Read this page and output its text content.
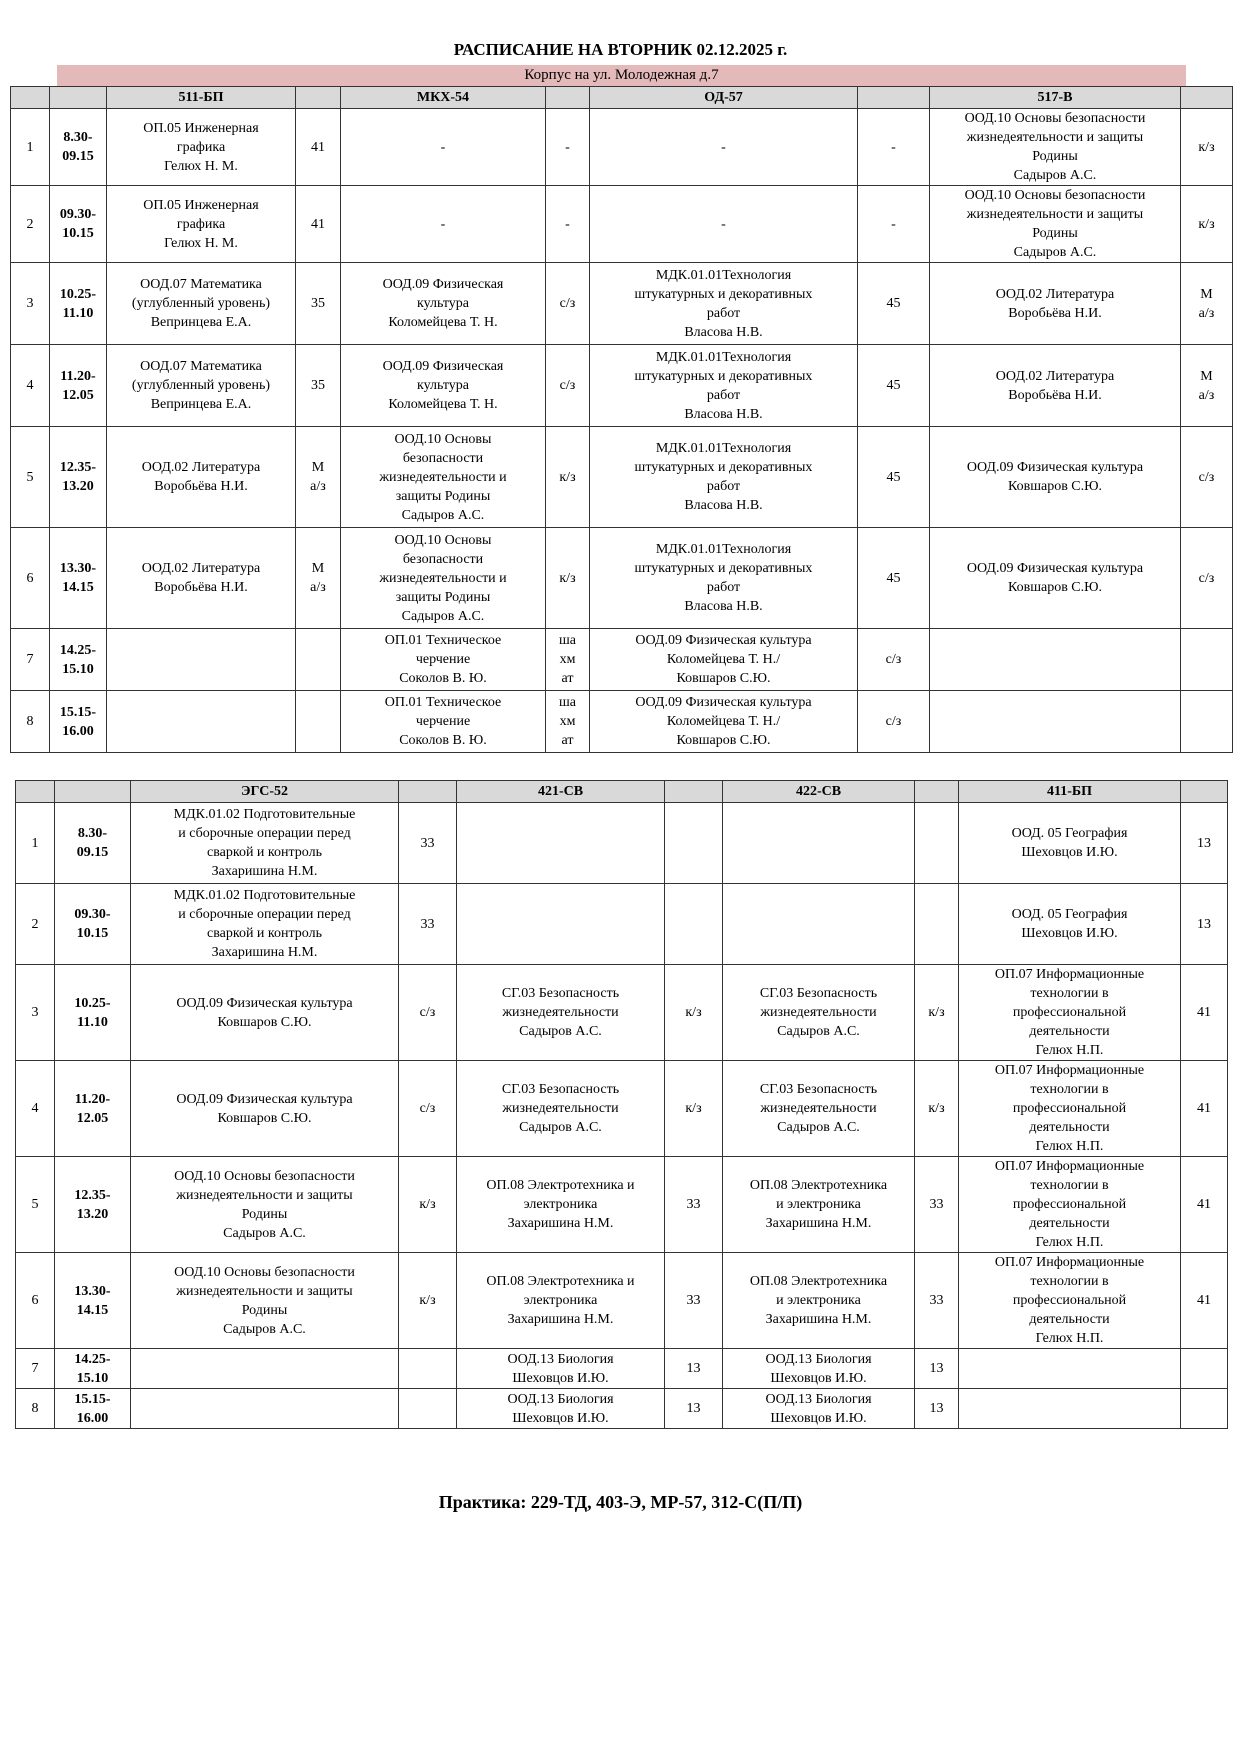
РАСПИСАНИЕ НА ВТОРНИК 02.12.2025 г.
Корпус на ул. Молодежная д.7
		511-БП		МКХ-54		ОД-57		517-В	
1	8.30-
09.15	ОП.05 Инженерная
графика
Гелюх Н. М.	41	-	-	-	-	ООД.10 Основы безопасности
жизнедеятельности и защиты
Родины
Садыров А.С.	к/з

2	09.30-
10.15	ОП.05 Инженерная
графика
Гелюх Н. М.	41	-	-	-	-	ООД.10 Основы безопасности
жизнедеятельности и защиты
Родины
Садыров А.С.	к/з

3	10.25-
11.10	ООД.07 Математика
(углубленный уровень)
Вепринцева Е.А.	35	ООД.09 Физическая
культура
Коломейцева Т. Н.	с/з	МДК.01.01Технология
штукатурных и декоративных
работ
Власова Н.В.	45	ООД.02 Литература
Воробьёва Н.И.	М
а/з

4	11.20-
12.05	ООД.07 Математика
(углубленный уровень)
Вепринцева Е.А.	35	ООД.09 Физическая
культура
Коломейцева Т. Н.	с/з	МДК.01.01Технология
штукатурных и декоративных
работ
Власова Н.В.	45	ООД.02 Литература
Воробьёва Н.И.	М
а/з

5	12.35-
13.20	ООД.02 Литература
Воробьёва Н.И.	М
а/з	ООД.10 Основы
безопасности
жизнедеятельности и
защиты Родины
Садыров А.С.	к/з	МДК.01.01Технология
штукатурных и декоративных
работ
Власова Н.В.	45	ООД.09 Физическая культура
Ковшаров С.Ю.	с/з

6	13.30-
14.15	ООД.02 Литература
Воробьёва Н.И.	М
а/з	ООД.10 Основы
безопасности
жизнедеятельности и
защиты Родины
Садыров А.С.	к/з	МДК.01.01Технология
штукатурных и декоративных
работ
Власова Н.В.	45	ООД.09 Физическая культура
Ковшаров С.Ю.	с/з

7	14.25-
15.10			ОП.01 Техническое
черчение
Соколов В. Ю.	ша
хм
ат	ООД.09 Физическая культура
Коломейцева Т. Н./
Ковшаров С.Ю.	с/з		

8	15.15-
16.00			ОП.01 Техническое
черчение
Соколов В. Ю.	ша
хм
ат	ООД.09 Физическая культура
Коломейцева Т. Н./
Ковшаров С.Ю.	с/з		

		ЭГС-52		421-СВ		422-СВ		411-БП	
1	8.30-
09.15	МДК.01.02 Подготовительные
и сборочные операции перед
сваркой и контроль
Захаришина Н.М.	33					ООД. 05 География
Шеховцов И.Ю.	13

2	09.30-
10.15	МДК.01.02 Подготовительные
и сборочные операции перед
сваркой и контроль
Захаришина Н.М.	33					ООД. 05 География
Шеховцов И.Ю.	13

3	10.25-
11.10	ООД.09 Физическая культура
Ковшаров С.Ю.	с/з	СГ.03 Безопасность
жизнедеятельности
Садыров А.С.	к/з	СГ.03 Безопасность
жизнедеятельности
Садыров А.С.	к/з	ОП.07 Информационные
технологии в
профессиональной
деятельности
Гелюх Н.П.	41

4	11.20-
12.05	ООД.09 Физическая культура
Ковшаров С.Ю.	с/з	СГ.03 Безопасность
жизнедеятельности
Садыров А.С.	к/з	СГ.03 Безопасность
жизнедеятельности
Садыров А.С.	к/з	ОП.07 Информационные
технологии в
профессиональной
деятельности
Гелюх Н.П.	41

5	12.35-
13.20	ООД.10 Основы безопасности
жизнедеятельности и защиты
Родины
Садыров А.С.	к/з	ОП.08 Электротехника и
электроника
Захаришина Н.М.	33	ОП.08 Электротехника
и электроника
Захаришина Н.М.	33	ОП.07 Информационные
технологии в
профессиональной
деятельности
Гелюх Н.П.	41

6	13.30-
14.15	ООД.10 Основы безопасности
жизнедеятельности и защиты
Родины
Садыров А.С.	к/з	ОП.08 Электротехника и
электроника
Захаришина Н.М.	33	ОП.08 Электротехника
и электроника
Захаришина Н.М.	33	ОП.07 Информационные
технологии в
профессиональной
деятельности
Гелюх Н.П.	41

7	14.25-
15.10			ООД.13 Биология
Шеховцов И.Ю.	13	ООД.13 Биология
Шеховцов И.Ю.	13		

8	15.15-
16.00			ООД.13 Биология
Шеховцов И.Ю.	13	ООД.13 Биология
Шеховцов И.Ю.	13		

Практика: 229-ТД, 403-Э, МР-57, 312-С(П/П)
